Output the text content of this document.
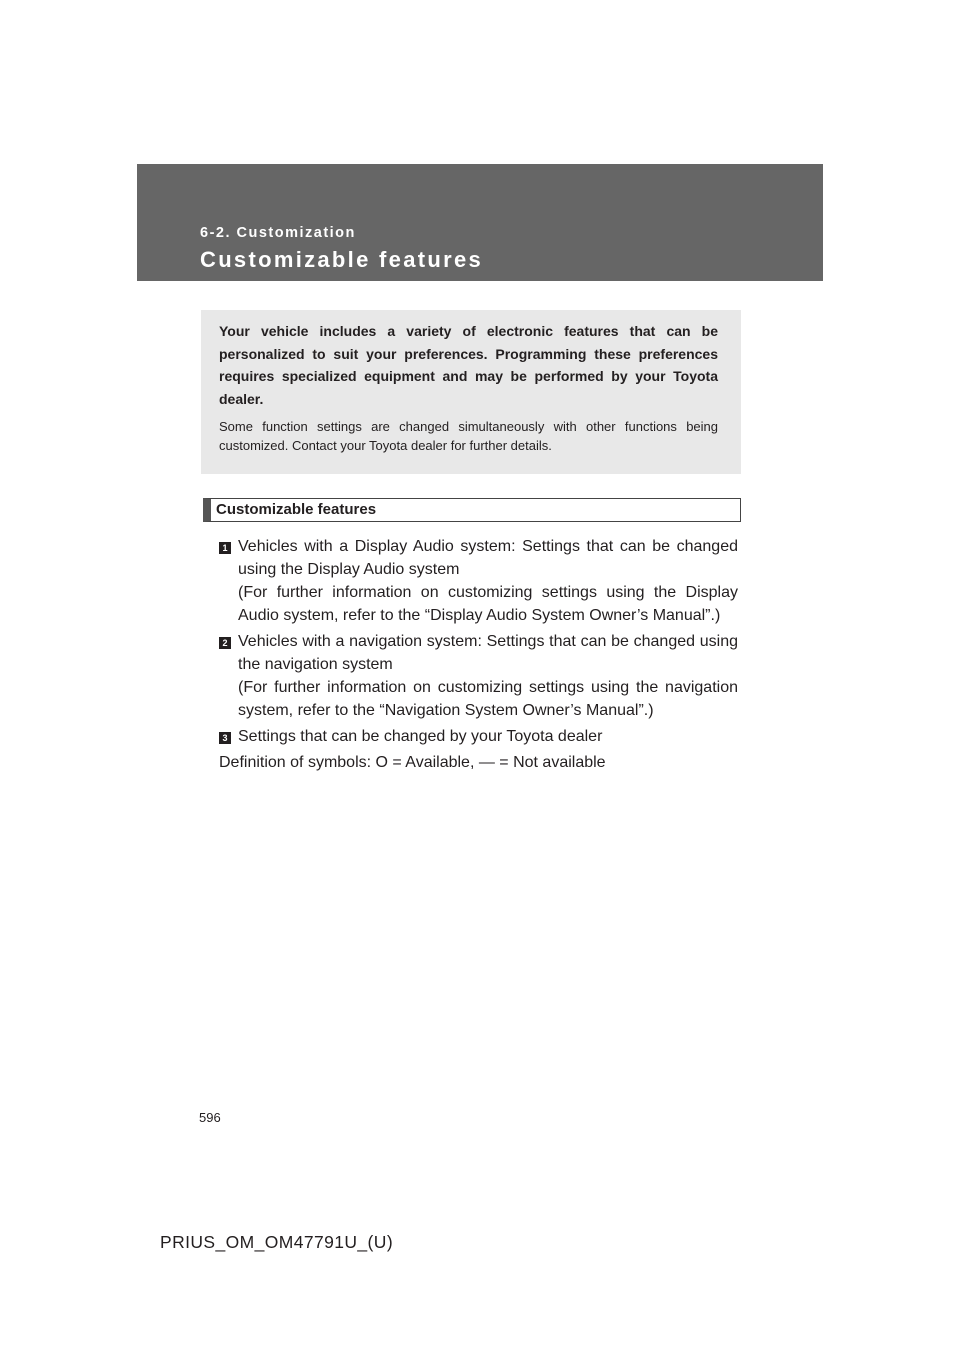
6-2. Customization
Customizable features

Your vehicle includes a variety of electronic features that can be personalized to suit your preferences. Programming these preferences requires specialized equipment and may be performed by your Toyota dealer.

Some function settings are changed simultaneously with other functions being customized. Contact your Toyota dealer for further details.

Customizable features
1 Vehicles with a Display Audio system: Settings that can be changed using the Display Audio system

(For further information on customizing settings using the Display Audio system, refer to the “Display Audio System Owner’s Manual”.)

2 Vehicles with a navigation system: Settings that can be changed using the navigation system

(For further information on customizing settings using the navigation system, refer to the “Navigation System Owner’s Manual”.)

3 Settings that can be changed by your Toyota dealer

Definition of symbols: O = Available, — = Not available

596
PRIUS_OM_OM47791U_(U)
